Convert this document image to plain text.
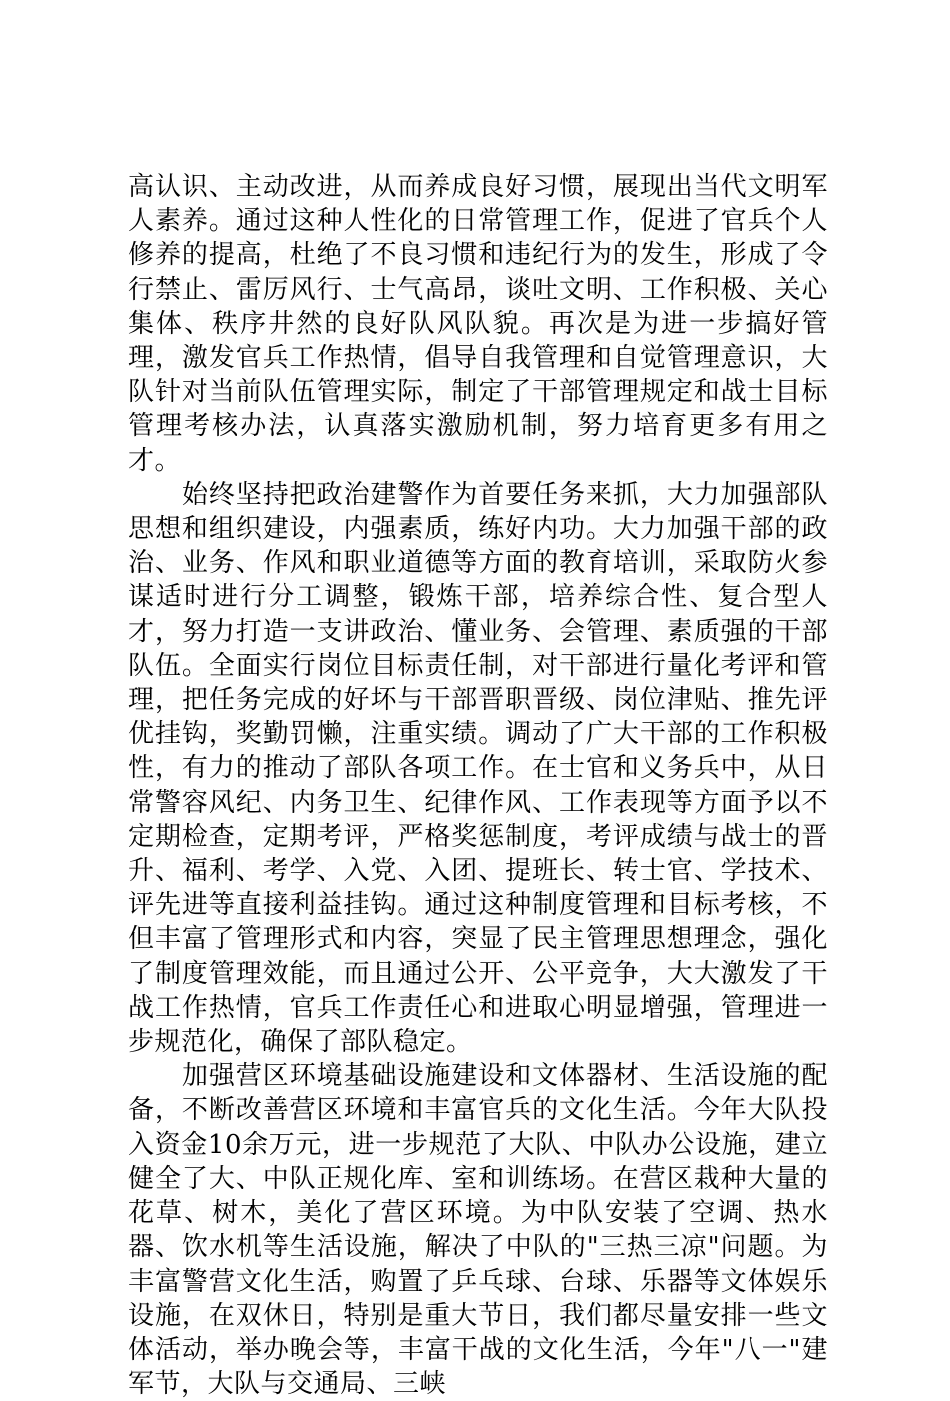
高认识、主动改进，从而养成良好习惯，展现出当代文明军人素养。通过这种人性化的日常管理工作，促进了官兵个人修养的提高，杜绝了不良习惯和违纪行为的发生，形成了令行禁止、雷厉风行、士气高昂，谈吐文明、工作积极、关心集体、秩序井然的良好队风队貌。再次是为进一步搞好管理，激发官兵工作热情，倡导自我管理和自觉管理意识，大队针对当前队伍管理实际，制定了干部管理规定和战士目标管理考核办法，认真落实激励机制，努力培育更多有用之才。

始终坚持把政治建警作为首要任务来抓，大力加强部队思想和组织建设，内强素质，练好内功。大力加强干部的政治、业务、作风和职业道德等方面的教育培训，采取防火参谋适时进行分工调整，锻炼干部，培养综合性、复合型人才，努力打造一支讲政治、懂业务、会管理、素质强的干部队伍。全面实行岗位目标责任制，对干部进行量化考评和管理，把任务完成的好坏与干部晋职晋级、岗位津贴、推先评优挂钩，奖勤罚懒，注重实绩。调动了广大干部的工作积极性，有力的推动了部队各项工作。在士官和义务兵中，从日常警容风纪、内务卫生、纪律作风、工作表现等方面予以不定期检查，定期考评，严格奖惩制度，考评成绩与战士的晋升、福利、考学、入党、入团、提班长、转士官、学技术、评先进等直接利益挂钩。通过这种制度管理和目标考核，不但丰富了管理形式和内容，突显了民主管理思想理念，强化了制度管理效能，而且通过公开、公平竞争，大大激发了干战工作热情，官兵工作责任心和进取心明显增强，管理进一步规范化，确保了部队稳定。

加强营区环境基础设施建设和文体器材、生活设施的配备，不断改善营区环境和丰富官兵的文化生活。今年大队投入资金10余万元，进一步规范了大队、中队办公设施，建立健全了大、中队正规化库、室和训练场。在营区栽种大量的花草、树木，美化了营区环境。为中队安装了空调、热水器、饮水机等生活设施，解决了中队的"三热三凉"问题。为丰富警营文化生活，购置了乒乓球、台球、乐器等文体娱乐设施，在双休日，特别是重大节日，我们都尽量安排一些文体活动，举办晚会等，丰富干战的文化生活，今年"八一"建军节，大队与交通局、三峡
